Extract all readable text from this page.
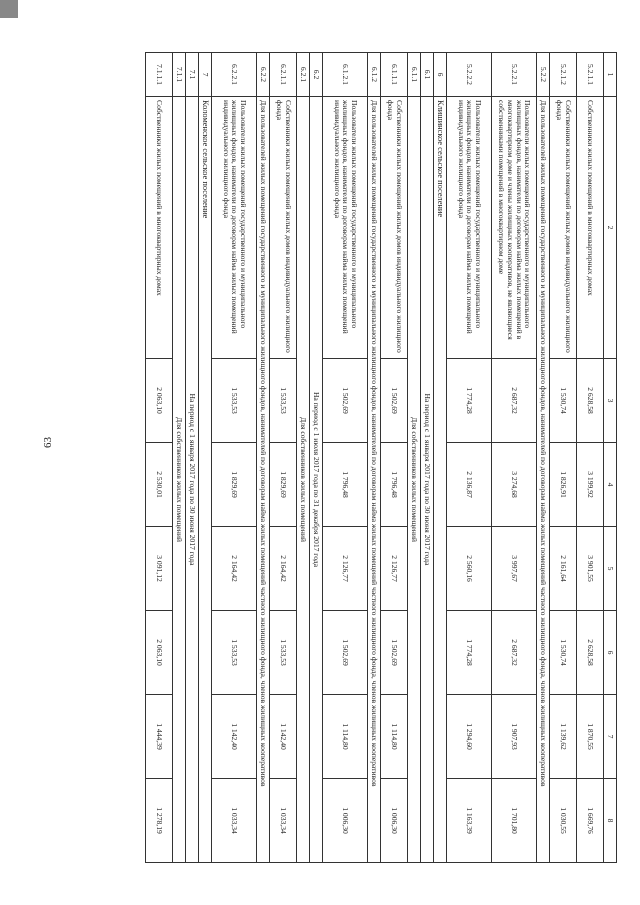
63
1	2	3	4	5	6	7	8
5.2.1.1	Собственники жилых помещений в многоквартирных домах	2 628,58	3 199,92	3 901,55	2 628,58	1 870,55	1 669,76
5.2.1.2	Собственники жилых помещений жилых домов индивидуального жилищного фонда	1 530,74	1 826,91	2 161,64	1 530,74	1 139,62	1 030,55
5.2.2	Для пользователей жилых помещений государственного и муниципального жилищного фондов, нанимателей по договорам найма жилых помещений частного жилищного фонда, членов жилищных кооперативов						
5.2.2.1	Пользователи жилых помещений государственного и муниципального жилищных фондов, наниматели по договорам найма жилых помещений в многоквартирном доме и члены жилищных кооперативов, не являющиеся собственниками помещений в многоквартирном доме	2 687,32	3 274,68	3 997,67	2 687,32	1 907,93	1 701,80
5.2.2.2	Пользователи жилых помещений государственного и муниципального жилищных фондов, наниматели по договорам найма жилых помещений индивидуального жилищного фонда	1 774,28	2 136,87	2 560,16	1 774,28	1 294,60	1 163,39
6	Клишинское сельское поселение						
6.1	На период с 1 января 2017 года по 30 июня 2017 года						
6.1.1	Для собственников жилых помещений						
6.1.1.1	Собственники жилых помещений жилых домов индивидуального жилищного фонда	1 502,69	1 796,48	2 126,77	1 502,69	1 114,80	1 006,30
6.1.2	Для пользователей жилых помещений государственного и муниципального жилищного фондов, нанимателей по договорам найма жилых помещений частного жилищного фонда, членов жилищных кооперативов						
6.1.2.1	Пользователи жилых помещений государственного и муниципального жилищных фондов, наниматели по договорам найма жилых помещений индивидуального жилищного фонда	1 502,69	1 796,48	2 126,77	1 502,69	1 114,80	1 006,30
6.2	На период с 1 июля 2017 года по 31 декабря 2017 года						
6.2.1	Для собственников жилых помещений						
6.2.1.1	Собственники жилых помещений жилых домов индивидуального жилищного фонда	1 533,53	1 829,69	2 164,42	1 533,53	1 142,40	1 033,34
6.2.2	Для пользователей жилых помещений государственного и муниципального жилищного фондов, нанимателей по договорам найма жилых помещений частного жилищного фонда, членов жилищных кооперативов						
6.2.2.1	Пользователи жилых помещений государственного и муниципального жилищных фондов, наниматели по договорам найма жилых помещений индивидуального жилищного фонда	1 533,53	1 829,69	2 164,42	1 533,53	1 142,40	1 033,34
7	Коломенское сельское поселение						
7.1	На период с 1 января 2017 года по 30 июня 2017 года						
7.1.1	Для собственников жилых помещений						
7.1.1.1	Собственники жилых помещений в многоквартирных домах	2 063,10	2 530,01	3 091,12	2 063,10	1 444,39	1 278,19
